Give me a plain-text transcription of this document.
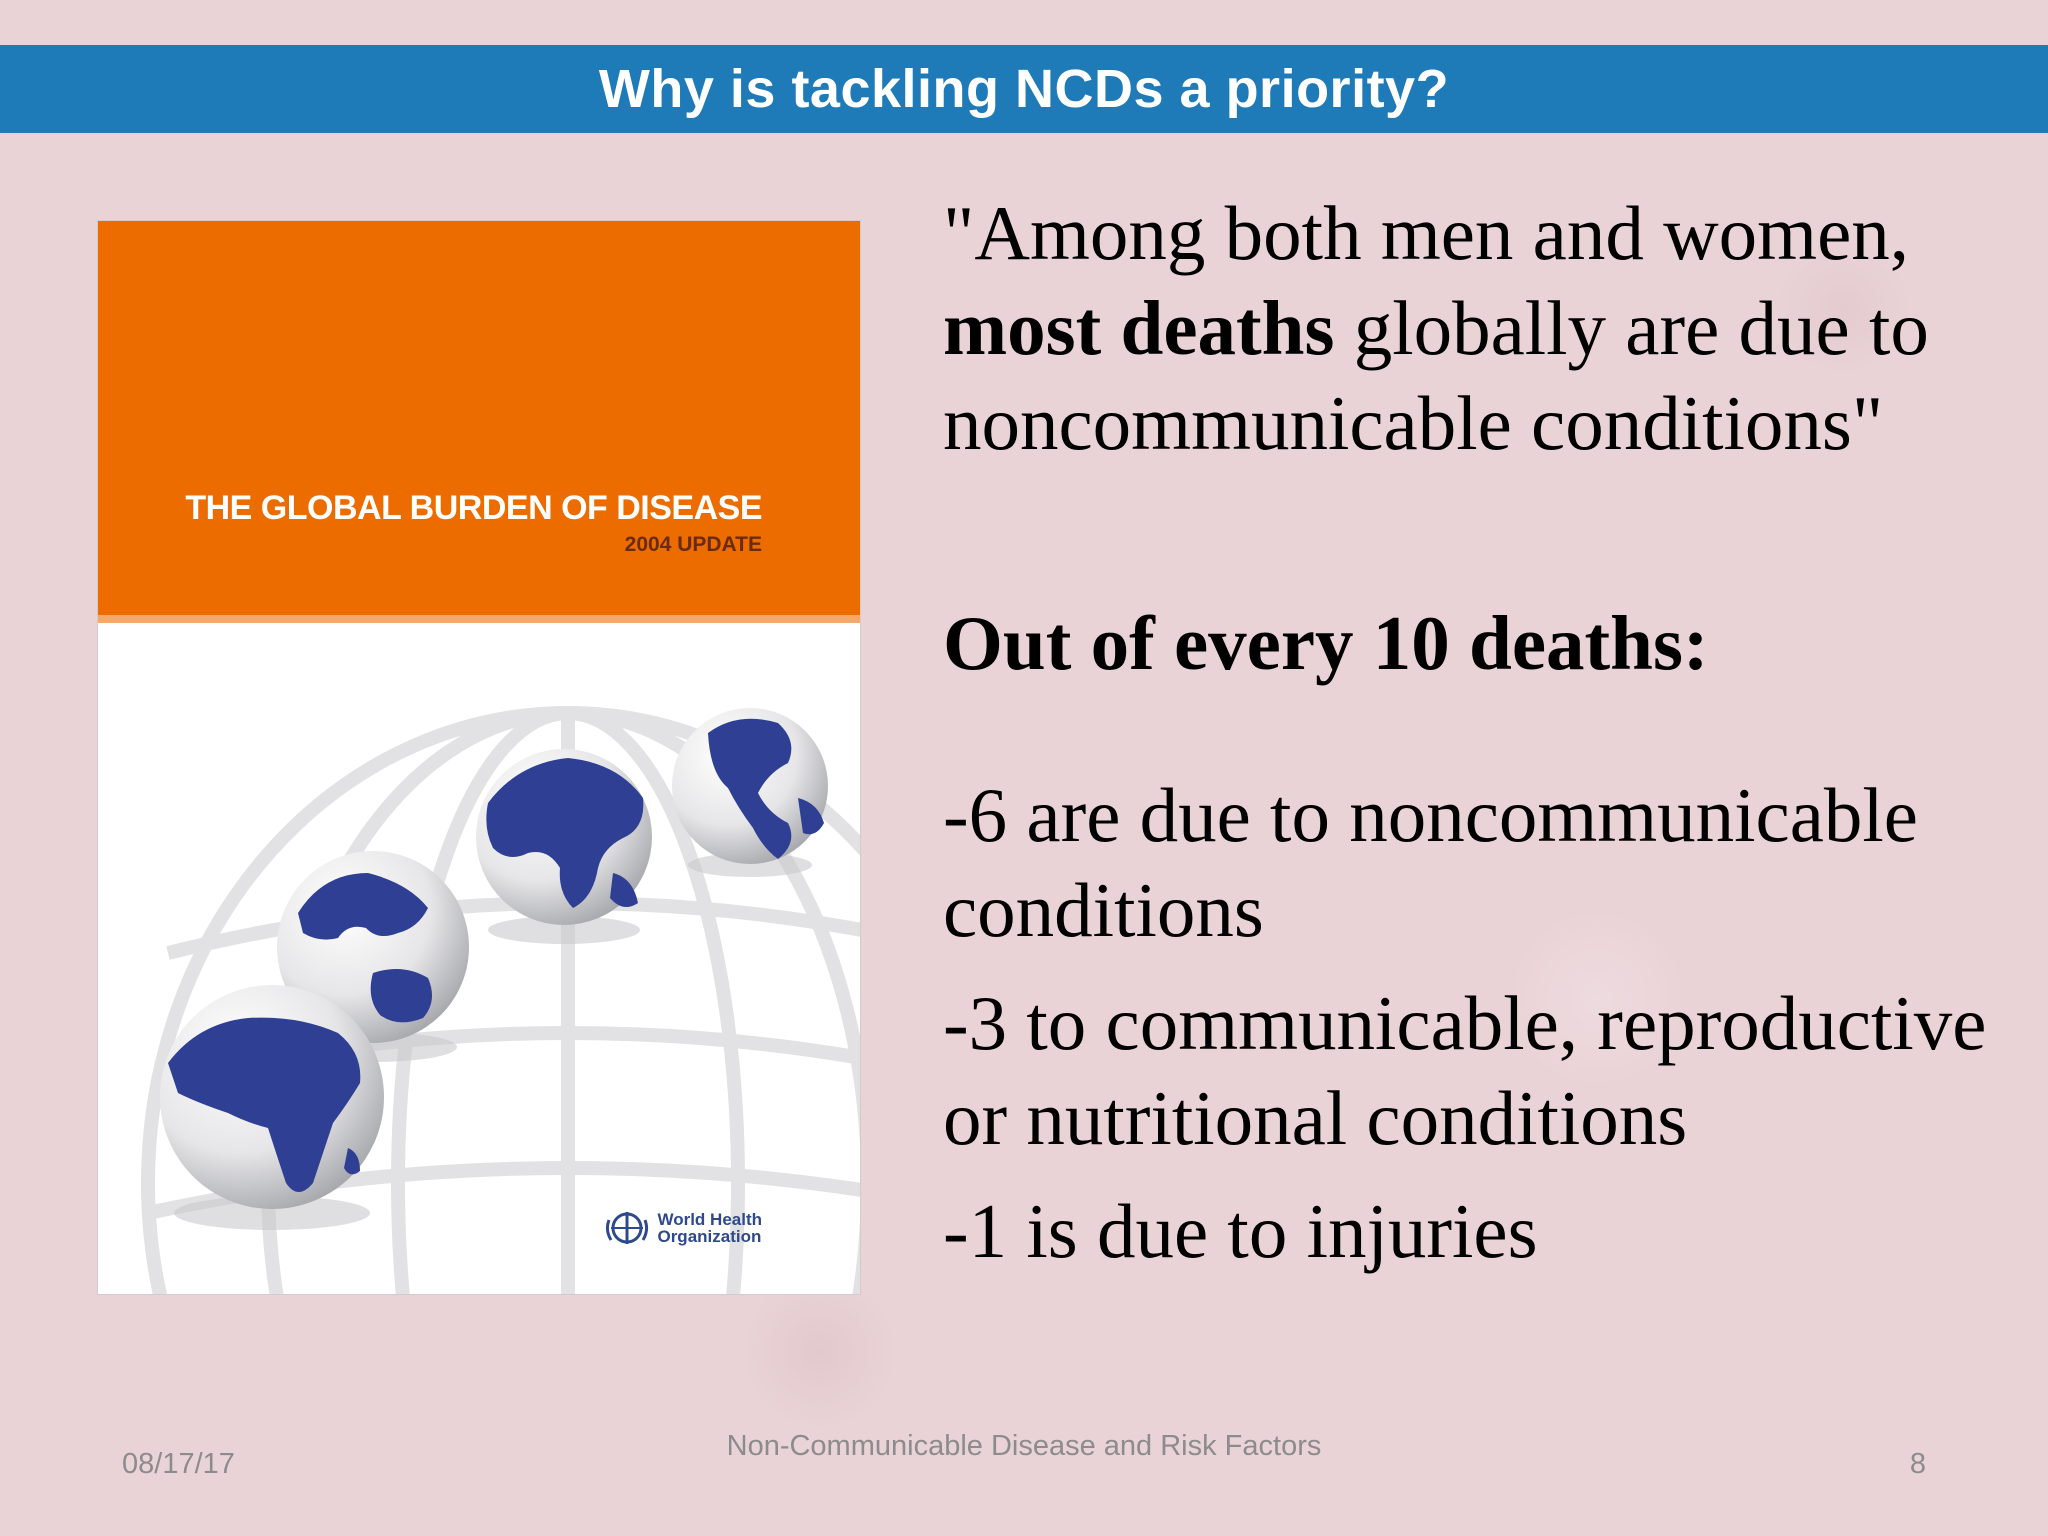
Why is tackling NCDs a priority?
THE GLOBAL BURDEN OF DISEASE
2004 UPDATE
World Health
Organization

"Among both men and women,

most deaths globally are due to noncommunicable conditions"

Out of every 10 deaths:

-6 are due to noncommunicable conditions

-3 to communicable, reproductive or nutritional conditions

-1 is due to injuries

08/17/17
Non-Communicable Disease and Risk Factors
8
